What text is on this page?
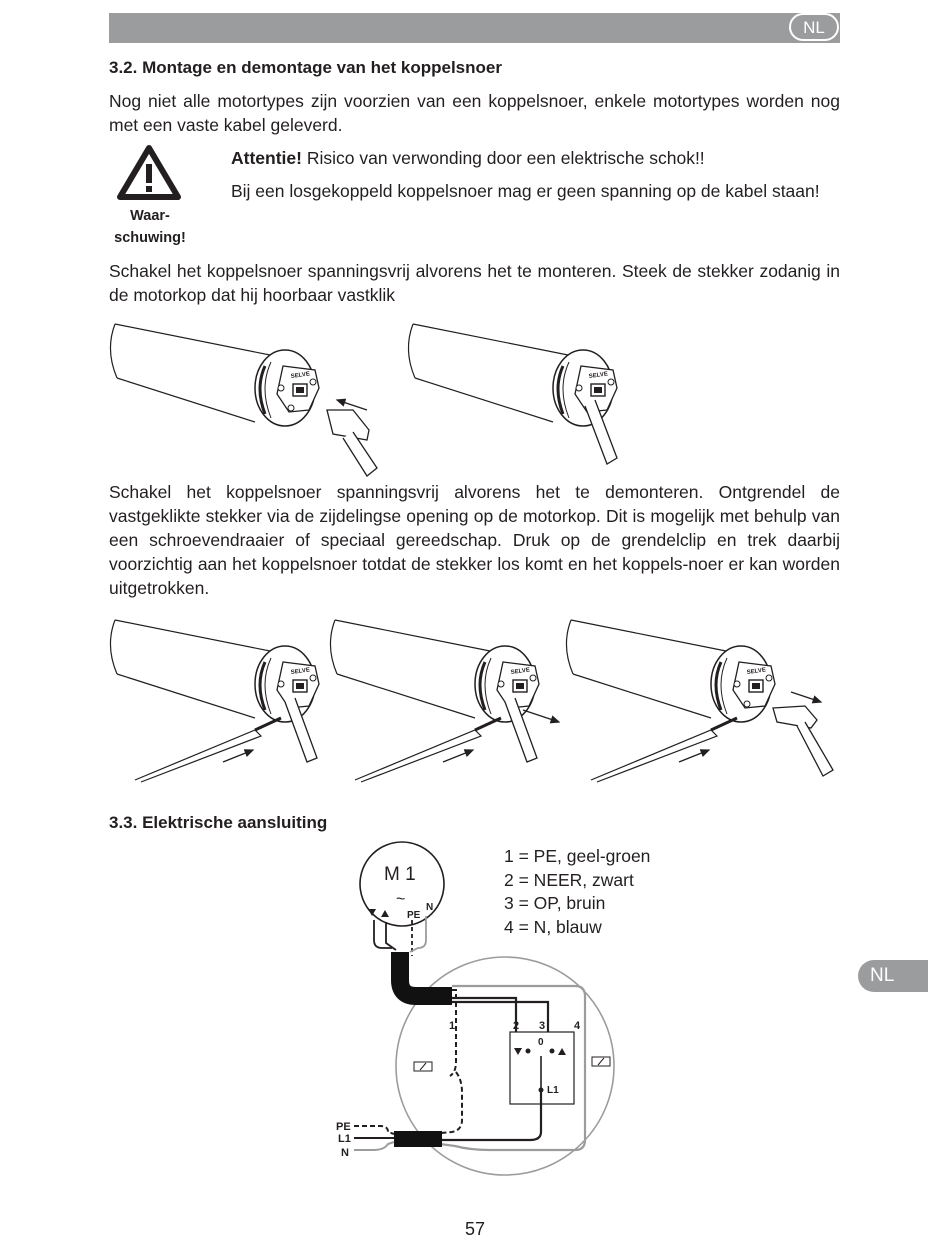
NL
3.2. Montage en demontage van het koppelsnoer
Nog niet alle motortypes zijn voorzien van een koppelsnoer, enkele motortypes worden nog met een vaste kabel geleverd.
Waar-
schuwing!
Attentie! Risico van verwonding door een elektrische schok!!
Bij een losgekoppeld koppelsnoer mag er geen spanning op de kabel staan!
Schakel het koppelsnoer spanningsvrij alvorens het te monteren. Steek de stekker zodanig in de motorkop dat hij hoorbaar vastklik
SELVE	SELVE
Schakel het koppelsnoer spanningsvrij alvorens het te demonteren. Ontgrendel de vastgeklikte stekker via de zijdelingse opening op de motorkop. Dit is mogelijk met behulp van een schroevendraaier of speciaal gereedschap. Druk op de grendelclip en trek daarbij voorzichtig aan het koppelsnoer totdat de stekker los komt en het koppels-noer er kan worden uitgetrokken.
SELVE	SELVE	SELVE
3.3. Elektrische aansluiting
1 = PE, geel-groen
2 = NEER, zwart
3 = OP, bruin
4 = N, blauw
M 1
~
PE
N
1	2 3	4
0
L1
PE
L1
N
NL
57
